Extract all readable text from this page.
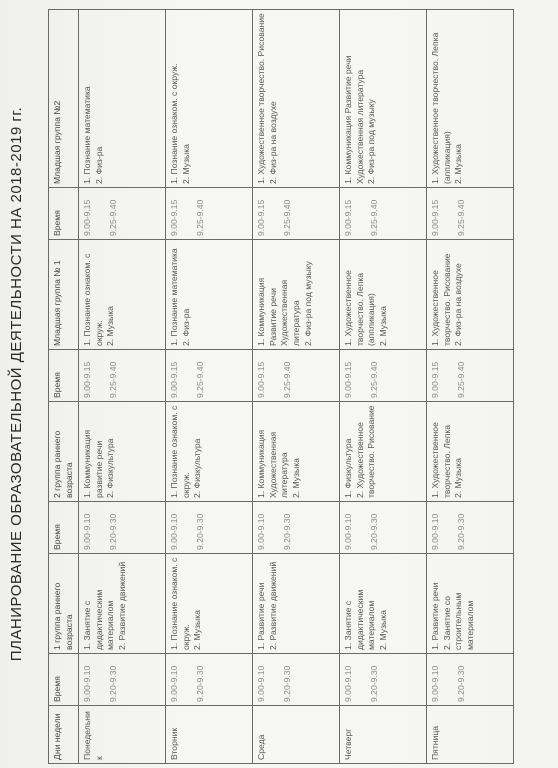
ПЛАНИРОВАНИЕ ОБРАЗОВАТЕЛЬНОЙ ДЕЯТЕЛЬНОСТИ НА 2018-2019 гг.
Дни недели	Время	1 группа раннего возраста	Время	2 группа раннего возраста	Время	Младшая группа № 1	Время	Младшая группа №2
Понедельник	9.00-9.10 9.20-9.30	1. Занятие с дидактическим материалом 2. Развитие движений	9.00-9.10 9.20-9.30	1. Коммуникация развитие речи 2. Физкультура	9.00-9.15 9.25-9.40	1. Познание ознаком. с окруж. 2. Музыка	9.00-9.15 9.25-9.40	1. Познание математика 2. Физ-ра

Вторник	9.00-9.10 9.20-9.30	1. Познание ознаком. с окруж. 2. Музыка	9.00-9.10 9.20-9.30	1. Познание ознаком. с окруж. 2. Физкультура	9.00-9.15 9.25-9.40	1. Познание математика 2. Физ-ра	9.00-9.15 9.25-9.40	1. Познание ознаком. с окруж. 2. Музыка

Среда	9.00-9.10 9.20-9.30	1. Развитие речи 2. Развитие движений	9.00-9.10 9.20-9.30	1. Коммуникация Художественная литература 2. Музыка	9.00-9.15 9.25-9.40	1. Коммуникация Развитие речи Художественная литература 2. Физ-ра под музыку	9.00-9.15 9.25-9.40	1. Художественное творчество. Рисование 2. Физ-ра на воздухе

Четверг	9.00-9.10 9.20-9.30	1. Занятие с дидактическим материалом 2. Музыка	9.00-9.10 9.20-9.30	1. Физкультура 2. Художественное творчество. Рисование	9.00-9.15 9.25-9.40	1. Художественное творчество. Лепка (аппликация) 2. Музыка	9.00-9.15 9.25-9.40	1. Коммуникация Развитие речи Художественная литература 2. Физ-ра под музыку

Пятница	9.00-9.10 9.20-9.30	1. Развитие речи 2. Занятие со строительным материалом	9.00-9.10 9.20-9.30	1. Художественное творчество. Лепка 2. Музыка	9.00-9.15 9.25-9.40	1. Художественное творчество. Рисование 2. Физ-ра на воздухе	9.00-9.15 9.25-9.40	1. Художественное творчество. Лепка (аппликация) 2. Музыка
